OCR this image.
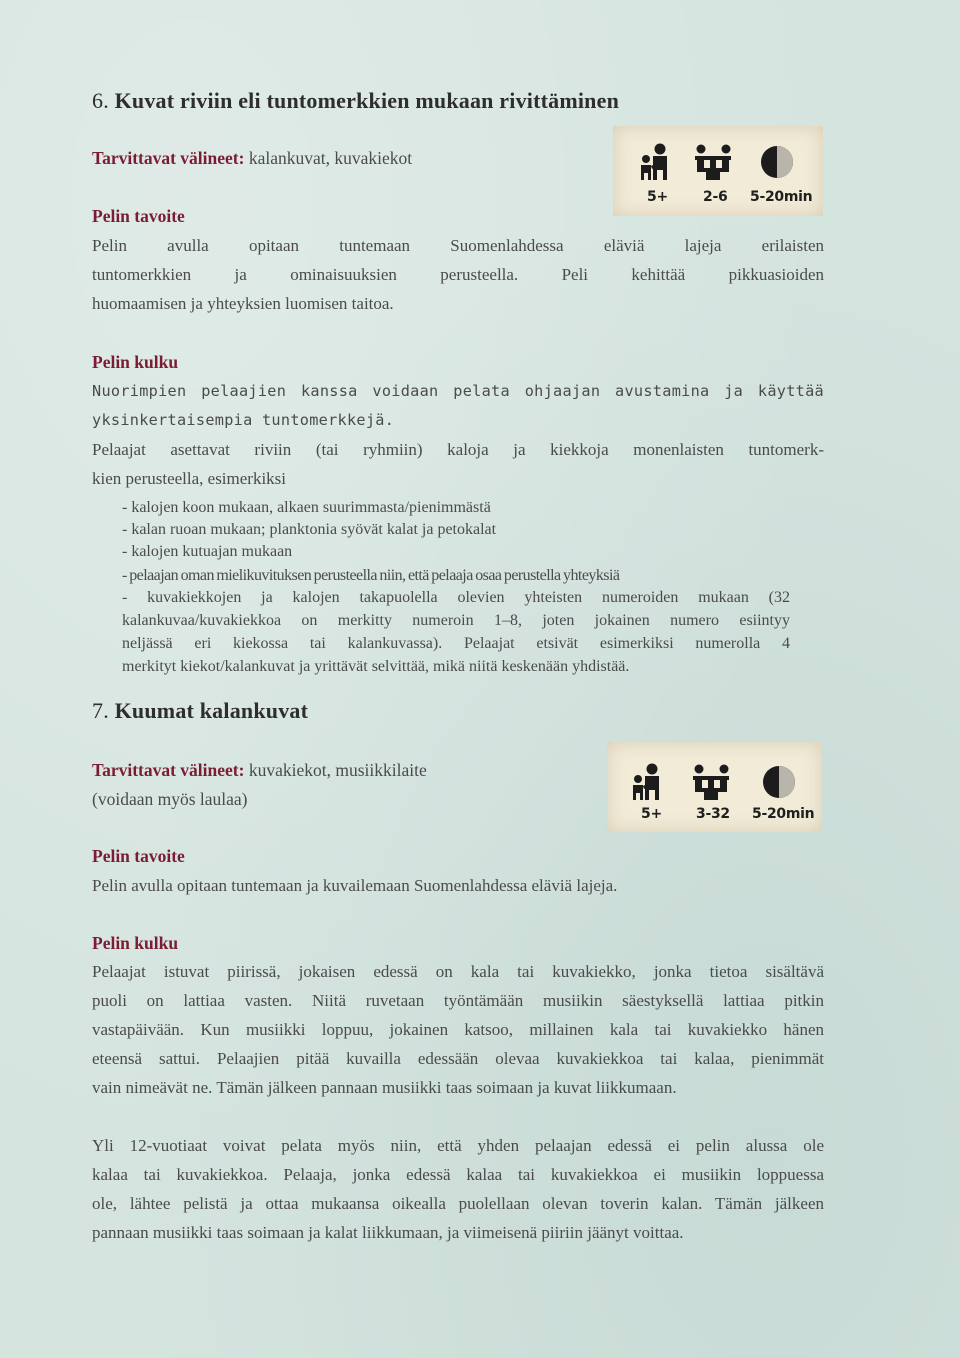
6. Kuvat riviin eli tuntomerkkien mukaan rivittäminen
Tarvittavat välineet: kalankuvat, kuvakiekot
5+	2-6 5-20min
Pelin tavoite
Pelin avulla opitaan tuntemaan Suomenlahdessa eläviä lajeja erilaisten
tuntomerkkien ja ominaisuuksien perusteella. Peli kehittää pikkuasioiden
huomaamisen ja yhteyksien luomisen taitoa.
Pelin kulku
Nuorimpien pelaajien kanssa voidaan pelata ohjaajan avustamina ja käyttää
yksinkertaisempia tuntomerkkejä.
Pelaajat asettavat riviin (tai ryhmiin) kaloja ja kiekkoja monenlaisten tuntomerk-
kien perusteella, esimerkiksi
- kalojen koon mukaan, alkaen suurimmasta/pienimmästä
- kalan ruoan mukaan; planktonia syövät kalat ja petokalat
- kalojen kutuajan mukaan
- pelaajan oman mielikuvituksen perusteella niin, että pelaaja osaa perustella yhteyksiä
- kuvakiekkojen ja kalojen takapuolella olevien yhteisten numeroiden mukaan (32
kalankuvaa/kuvakiekkoa on merkitty numeroin 1–8, joten jokainen numero esiintyy
neljässä eri kiekossa tai kalankuvassa). Pelaajat etsivät esimerkiksi numerolla 4
merkityt kiekot/kalankuvat ja yrittävät selvittää, mikä niitä keskenään yhdistää.
7. Kuumat kalankuvat
Tarvittavat välineet: kuvakiekot, musiikkilaite
(voidaan myös laulaa)
5+ 3-32 5-20min
Pelin tavoite
Pelin avulla opitaan tuntemaan ja kuvailemaan Suomenlahdessa eläviä lajeja.
Pelin kulku
Pelaajat istuvat piirissä, jokaisen edessä on kala tai kuvakiekko, jonka tietoa sisältävä
puoli on lattiaa vasten. Niitä ruvetaan työntämään musiikin säestyksellä lattiaa pitkin
vastapäivään. Kun musiikki loppuu, jokainen katsoo, millainen kala tai kuvakiekko hänen
eteensä sattui. Pelaajien pitää kuvailla edessään olevaa kuvakiekkoa tai kalaa, pienimmät
vain nimeävät ne. Tämän jälkeen pannaan musiikki taas soimaan ja kuvat liikkumaan.
Yli 12-vuotiaat voivat pelata myös niin, että yhden pelaajan edessä ei pelin alussa ole
kalaa tai kuvakiekkoa. Pelaaja, jonka edessä kalaa tai kuvakiekkoa ei musiikin loppuessa
ole, lähtee pelistä ja ottaa mukaansa oikealla puolellaan olevan toverin kalan. Tämän jälkeen
pannaan musiikki taas soimaan ja kalat liikkumaan, ja viimeisenä piiriin jäänyt voittaa.
